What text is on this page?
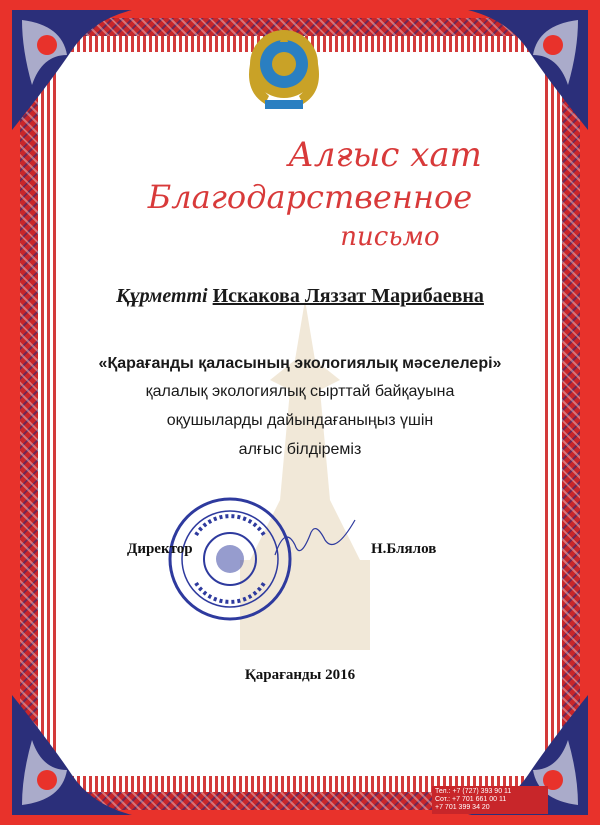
Алғыс хат
Благодарственное
письмо
Құрметті Искакова Ляззат Марибаевна
«Қарағанды қаласының экологиялық мәселелері»
қалалық экологиялық сырттай байқауына
оқушыларды дайындағаныңыз үшін
алғыс білдіреміз
Директор	Н.Блялов
Қарағанды 2016
Тел.: +7 (727) 393 90 11
Сот.: +7 701 661 00 11
+7 701 399 34 20
